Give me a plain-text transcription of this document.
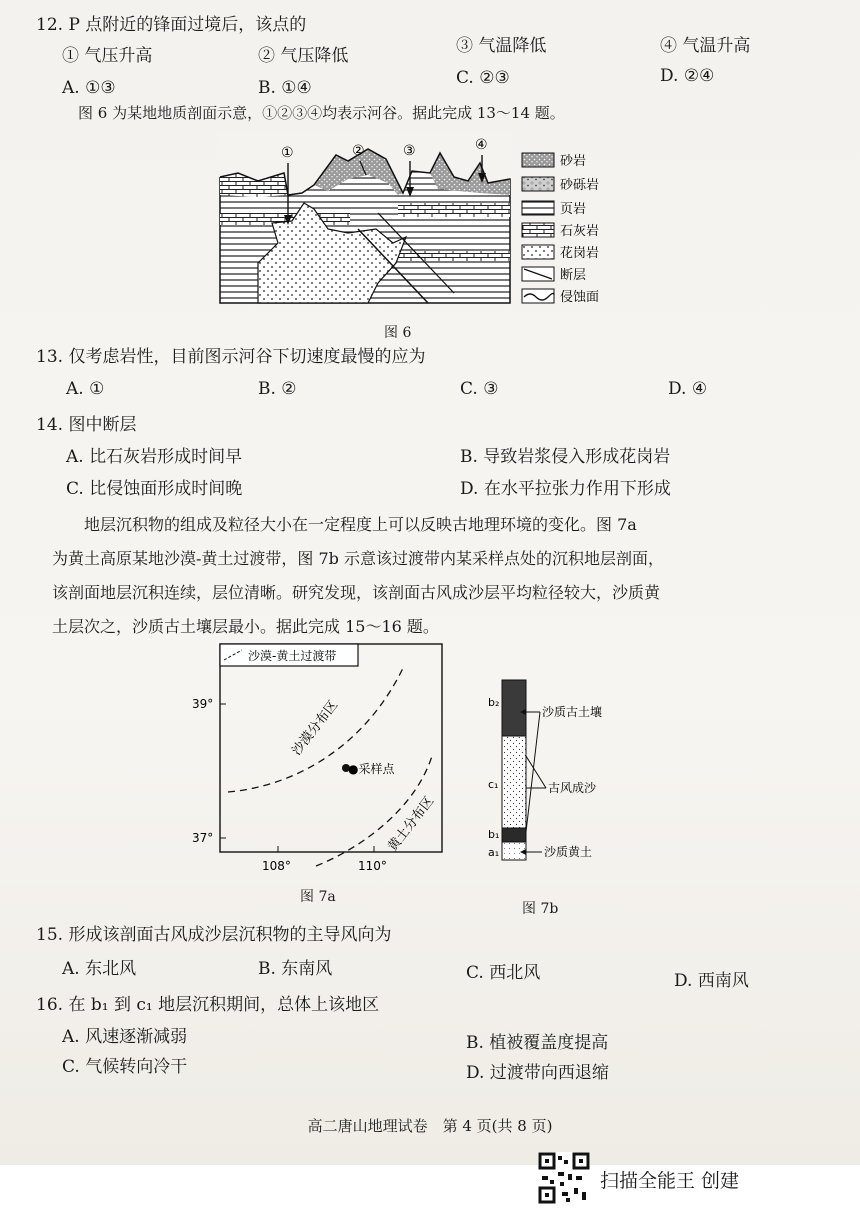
12. P 点附近的锋面过境后，该点的
① 气压升高	② 气压降低	③ 气温降低	④ 气温升高
A. ①③	B. ①④	C. ②③	D. ②④
图 6 为某地地质剖面示意，①②③④均表示河谷。据此完成 13～14 题。
①	②	③	④
砂岩
砂砾岩
页岩
石灰岩
花岗岩
断层
侵蚀面
图 6
13. 仅考虑岩性，目前图示河谷下切速度最慢的应为
A. ①	B. ②	C. ③	D. ④
14. 图中断层
A. 比石灰岩形成时间早	B. 导致岩浆侵入形成花岗岩
C. 比侵蚀面形成时间晚	D. 在水平拉张力作用下形成
地层沉积物的组成及粒径大小在一定程度上可以反映古地理环境的变化。图 7a
为黄土高原某地沙漠-黄土过渡带，图 7b 示意该过渡带内某采样点处的沉积地层剖面，
该剖面地层沉积连续，层位清晰。研究发现，该剖面古风成沙层平均粒径较大，沙质黄
土层次之，沙质古土壤层最小。据此完成 15～16 题。
沙漠-黄土过渡带
●采样点
沙漠分布区
黄土分布区
39°
37°
108°	110°
图 7a
b₂
c₁
b₁
a₁
沙质古土壤
古风成沙
沙质黄土
图 7b
15. 形成该剖面古风成沙层沉积物的主导风向为
A. 东北风	B. 东南风	C. 西北风	D. 西南风
16. 在 b₁ 到 c₁ 地层沉积期间，总体上该地区
A. 风速逐渐减弱	B. 植被覆盖度提高
C. 气候转向冷干	D. 过渡带向西退缩
高二唐山地理试卷　第 4 页(共 8 页)
扫描全能王 创建
